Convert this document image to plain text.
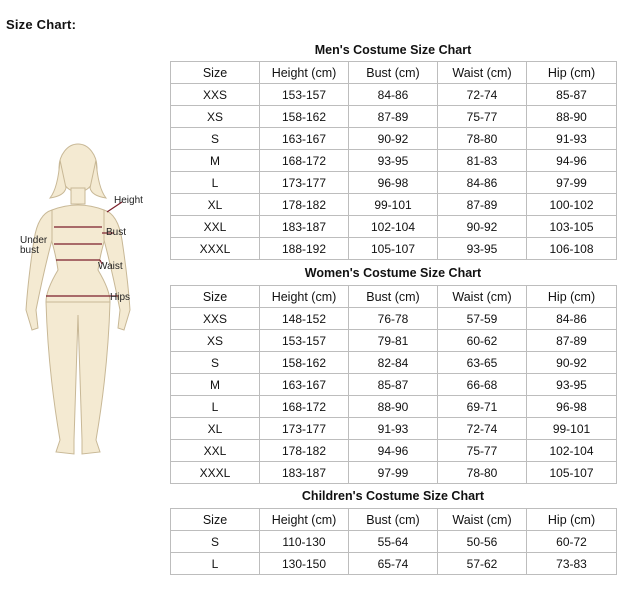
Size Chart:
Height
Bust
Under bust
Waist
Hips
Men's Costume Size Chart
Size	Height (cm)	Bust (cm)	Waist (cm)	Hip (cm)
XXS	153-157	84-86	72-74	85-87
XS	158-162	87-89	75-77	88-90
S	163-167	90-92	78-80	91-93
M	168-172	93-95	81-83	94-96
L	173-177	96-98	84-86	97-99
XL	178-182	99-101	87-89	100-102
XXL	183-187	102-104	90-92	103-105
XXXL	188-192	105-107	93-95	106-108
Women's Costume Size Chart
Size	Height (cm)	Bust (cm)	Waist (cm)	Hip (cm)
XXS	148-152	76-78	57-59	84-86
XS	153-157	79-81	60-62	87-89
S	158-162	82-84	63-65	90-92
M	163-167	85-87	66-68	93-95
L	168-172	88-90	69-71	96-98
XL	173-177	91-93	72-74	99-101
XXL	178-182	94-96	75-77	102-104
XXXL	183-187	97-99	78-80	105-107
Children's Costume Size Chart
Size	Height (cm)	Bust (cm)	Waist (cm)	Hip (cm)
S	110-130	55-64	50-56	60-72
L	130-150	65-74	57-62	73-83
